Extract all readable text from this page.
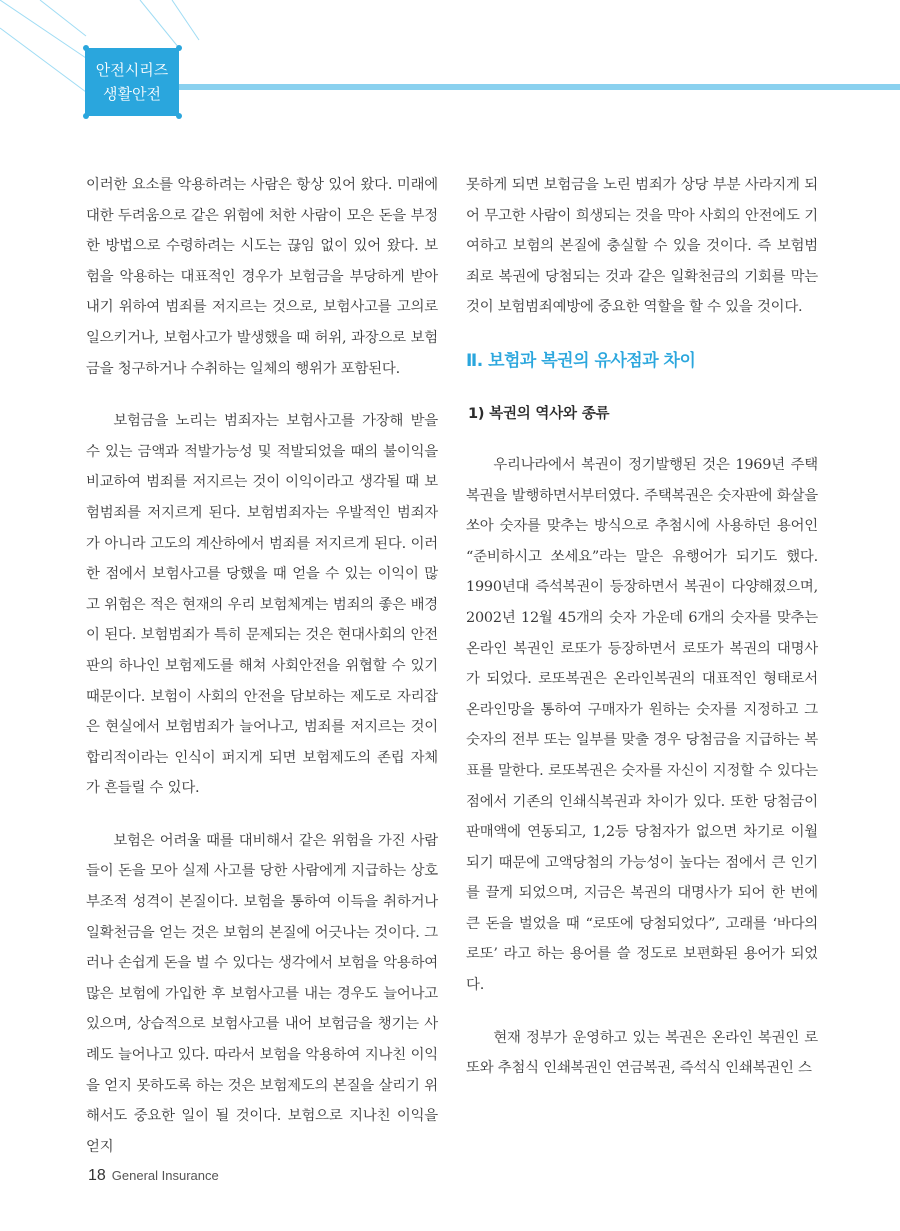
안전시리즈
생활안전

이러한 요소를 악용하려는 사람은 항상 있어 왔다. 미래에 대한 두려움으로 같은 위험에 처한 사람이 모은 돈을 부정한 방법으로 수령하려는 시도는 끊임 없이 있어 왔다. 보험을 악용하는 대표적인 경우가 보험금을 부당하게 받아내기 위하여 범죄를 저지르는 것으로, 보험사고를 고의로 일으키거나, 보험사고가 발생했을 때 허위, 과장으로 보험금을 청구하거나 수취하는 일체의 행위가 포함된다.

보험금을 노리는 범죄자는 보험사고를 가장해 받을 수 있는 금액과 적발가능성 및 적발되었을 때의 불이익을 비교하여 범죄를 저지르는 것이 이익이라고 생각될 때 보험범죄를 저지르게 된다. 보험범죄자는 우발적인 범죄자가 아니라 고도의 계산하에서 범죄를 저지르게 된다. 이러한 점에서 보험사고를 당했을 때 얻을 수 있는 이익이 많고 위험은 적은 현재의 우리 보험체계는 범죄의 좋은 배경이 된다. 보험범죄가 특히 문제되는 것은 현대사회의 안전판의 하나인 보험제도를 해쳐 사회안전을 위협할 수 있기 때문이다. 보험이 사회의 안전을 담보하는 제도로 자리잡은 현실에서 보험범죄가 늘어나고, 범죄를 저지르는 것이 합리적이라는 인식이 퍼지게 되면 보험제도의 존립 자체가 흔들릴 수 있다.

보험은 어려울 때를 대비해서 같은 위험을 가진 사람들이 돈을 모아 실제 사고를 당한 사람에게 지급하는 상호부조적 성격이 본질이다. 보험을 통하여 이득을 취하거나 일확천금을 얻는 것은 보험의 본질에 어긋나는 것이다. 그러나 손쉽게 돈을 벌 수 있다는 생각에서 보험을 악용하여 많은 보험에 가입한 후 보험사고를 내는 경우도 늘어나고 있으며, 상습적으로 보험사고를 내어 보험금을 챙기는 사례도 늘어나고 있다. 따라서 보험을 악용하여 지나친 이익을 얻지 못하도록 하는 것은 보험제도의 본질을 살리기 위해서도 중요한 일이 될 것이다. 보험으로 지나친 이익을 얻지

못하게 되면 보험금을 노린 범죄가 상당 부분 사라지게 되어 무고한 사람이 희생되는 것을 막아 사회의 안전에도 기여하고 보험의 본질에 충실할 수 있을 것이다. 즉 보험범죄로 복권에 당첨되는 것과 같은 일확천금의 기회를 막는 것이 보험범죄예방에 중요한 역할을 할 수 있을 것이다.

Ⅱ. 보험과 복권의 유사점과 차이
1) 복권의 역사와 종류

우리나라에서 복권이 정기발행된 것은 1969년 주택복권을 발행하면서부터였다. 주택복권은 숫자판에 화살을 쏘아 숫자를 맞추는 방식으로 추첨시에 사용하던 용어인 “준비하시고 쏘세요”라는 말은 유행어가 되기도 했다. 1990년대 즉석복권이 등장하면서 복권이 다양해졌으며, 2002년 12월 45개의 숫자 가운데 6개의 숫자를 맞추는 온라인 복권인 로또가 등장하면서 로또가 복권의 대명사가 되었다. 로또복권은 온라인복권의 대표적인 형태로서 온라인망을 통하여 구매자가 원하는 숫자를 지정하고 그 숫자의 전부 또는 일부를 맞출 경우 당첨금을 지급하는 복표를 말한다. 로또복권은 숫자를 자신이 지정할 수 있다는 점에서 기존의 인쇄식복권과 차이가 있다. 또한 당첨금이 판매액에 연동되고, 1,2등 당첨자가 없으면 차기로 이월되기 때문에 고액당첨의 가능성이 높다는 점에서 큰 인기를 끌게 되었으며, 지금은 복권의 대명사가 되어 한 번에 큰 돈을 벌었을 때 “로또에 당첨되었다”, 고래를 ‘바다의 로또’ 라고 하는 용어를 쓸 정도로 보편화된 용어가 되었다.

현재 정부가 운영하고 있는 복권은 온라인 복권인 로또와 추첨식 인쇄복권인 연금복권, 즉석식 인쇄복권인 스

18 General Insurance
